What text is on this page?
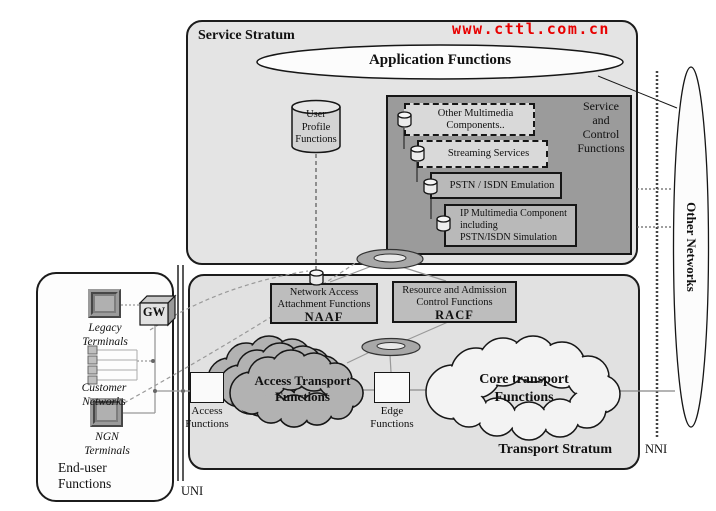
Other Multimedia Components..
Streaming Services
PSTN / ISDN Emulation
IP Multimedia Component
including
PSTN/ISDN Simulation
Network Access
Attachment Functions
NAAF
Resource and Admission
Control Functions
RACF
www.cttl.com.cn
Service Stratum
Application Functions
User
Profile
Functions
Service
and
Control
Functions
Transport Stratum
Access
Functions
Edge
Functions
Access Transport
Functions
Core transport
Functions
Legacy
Terminals
GW
Customer
Networks
NGN
Terminals
End-user
Functions	UNI
NNI
Other Networks
